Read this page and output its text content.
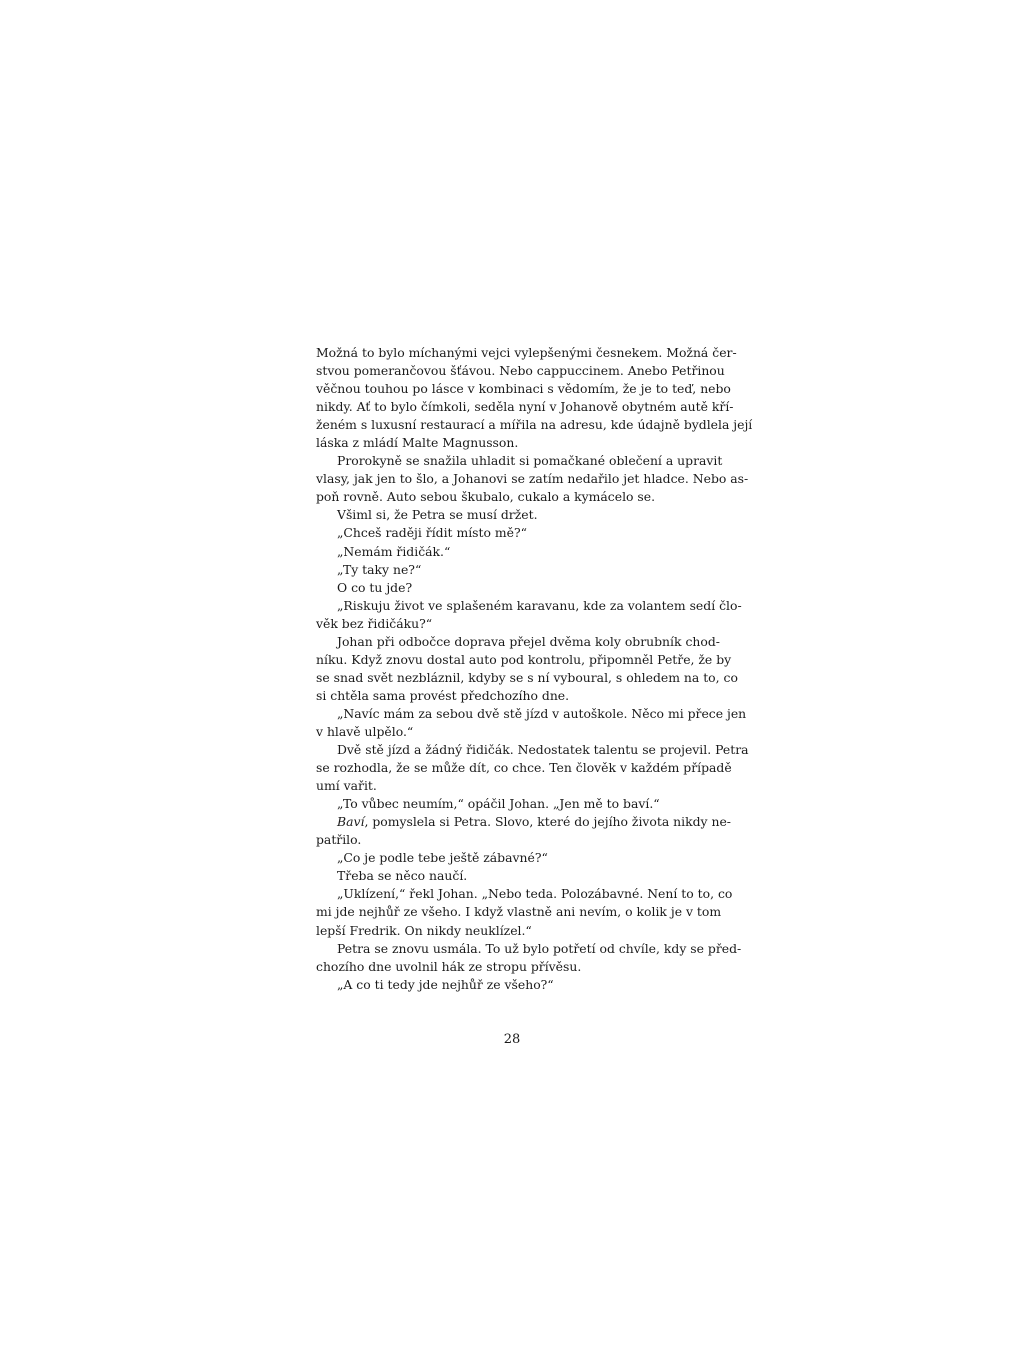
Možná to bylo míchanými vejci vylepšenými česnekem. Možná čer-
stvou pomerančovou šťávou. Nebo cappuccinem. Anebo Petřinou
věčnou touhou po lásce v kombinaci s vědomím, že je to teď, nebo
nikdy. Ať to bylo čímkoli, seděla nyní v Johanově obytném autě kří-
ženém s luxusní restaurací a mířila na adresu, kde údajně bydlela její
láska z mládí Malte Magnusson.
Prorokyně se snažila uhladit si pomačkané oblečení a upravit
vlasy, jak jen to šlo, a Johanovi se zatím nedařilo jet hladce. Nebo as-
poň rovně. Auto sebou škubalo, cukalo a kymácelo se.
Všiml si, že Petra se musí držet.
„Chceš raději řídit místo mě?“
„Nemám řidičák.“
„Ty taky ne?“
O co tu jde?
„Riskuju život ve splašeném karavanu, kde za volantem sedí člo-
věk bez řidičáku?“
Johan při odbočce doprava přejel dvěma koly obrubník chod-
níku. Když znovu dostal auto pod kontrolu, připomněl Petře, že by
se snad svět nezbláznil, kdyby se s ní vyboural, s ohledem na to, co
si chtěla sama provést předchozího dne.
„Navíc mám za sebou dvě stě jízd v autoškole. Něco mi přece jen
v hlavě ulpělo.“
Dvě stě jízd a žádný řidičák. Nedostatek talentu se projevil. Petra
se rozhodla, že se může dít, co chce. Ten člověk v každém případě
umí vařit.
„To vůbec neumím,“ opáčil Johan. „Jen mě to baví.“
Baví, pomyslela si Petra. Slovo, které do jejího života nikdy ne-
patřilo.
„Co je podle tebe ještě zábavné?“
Třeba se něco naučí.
„Uklízení,“ řekl Johan. „Nebo teda. Polozábavné. Není to to, co
mi jde nejhůř ze všeho. I když vlastně ani nevím, o kolik je v tom
lepší Fredrik. On nikdy neuklízel.“
Petra se znovu usmála. To už bylo potřetí od chvíle, kdy se před-
chozího dne uvolnil hák ze stropu přívěsu.
„A co ti tedy jde nejhůř ze všeho?“
28
